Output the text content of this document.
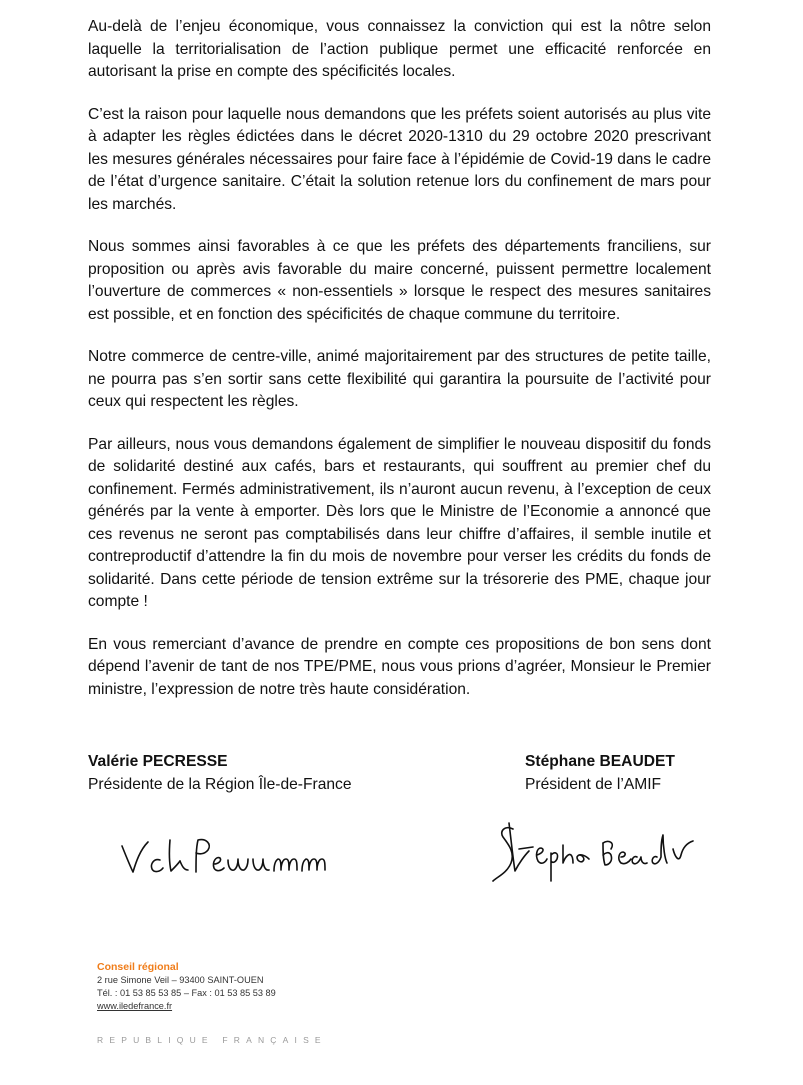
Au-delà de l’enjeu économique, vous connaissez la conviction qui est la nôtre selon laquelle la territorialisation de l’action publique permet une efficacité renforcée en autorisant la prise en compte des spécificités locales.

C’est la raison pour laquelle nous demandons que les préfets soient autorisés au plus vite à adapter les règles édictées dans le décret 2020-1310 du 29 octobre 2020 prescrivant les mesures générales nécessaires pour faire face à l’épidémie de Covid-19 dans le cadre de l’état d’urgence sanitaire. C’était la solution retenue lors du confinement de mars pour les marchés.

Nous sommes ainsi favorables à ce que les préfets des départements franciliens, sur proposition ou après avis favorable du maire concerné, puissent permettre localement l’ouverture de commerces « non-essentiels » lorsque le respect des mesures sanitaires est possible, et en fonction des spécificités de chaque commune du territoire.

Notre commerce de centre-ville, animé majoritairement par des structures de petite taille, ne pourra pas s’en sortir sans cette flexibilité qui garantira la poursuite de l’activité pour ceux qui respectent les règles.

Par ailleurs, nous vous demandons également de simplifier le nouveau dispositif du fonds de solidarité destiné aux cafés, bars et restaurants, qui souffrent au premier chef du confinement. Fermés administrativement, ils n’auront aucun revenu, à l’exception de ceux générés par la vente à emporter. Dès lors que le Ministre de l’Economie a annoncé que ces revenus ne seront pas comptabilisés dans leur chiffre d’affaires, il semble inutile et contreproductif d’attendre la fin du mois de novembre pour verser les crédits du fonds de solidarité. Dans cette période de tension extrême sur la trésorerie des PME, chaque jour compte !

En vous remerciant d’avance de prendre en compte ces propositions de bon sens dont dépend l’avenir de tant de nos TPE/PME, nous vous prions d’agréer, Monsieur le Premier ministre, l’expression de notre très haute considération.

Valérie PECRESSE
Présidente de la Région Île-de-France
Stéphane BEAUDET
Président de l’AMIF
Conseil régional
2 rue Simone Veil – 93400 SAINT-OUEN
Tél. : 01 53 85 53 85 – Fax : 01 53 85 53 89
www.iledefrance.fr
REPUBLIQUE FRANÇAISE
